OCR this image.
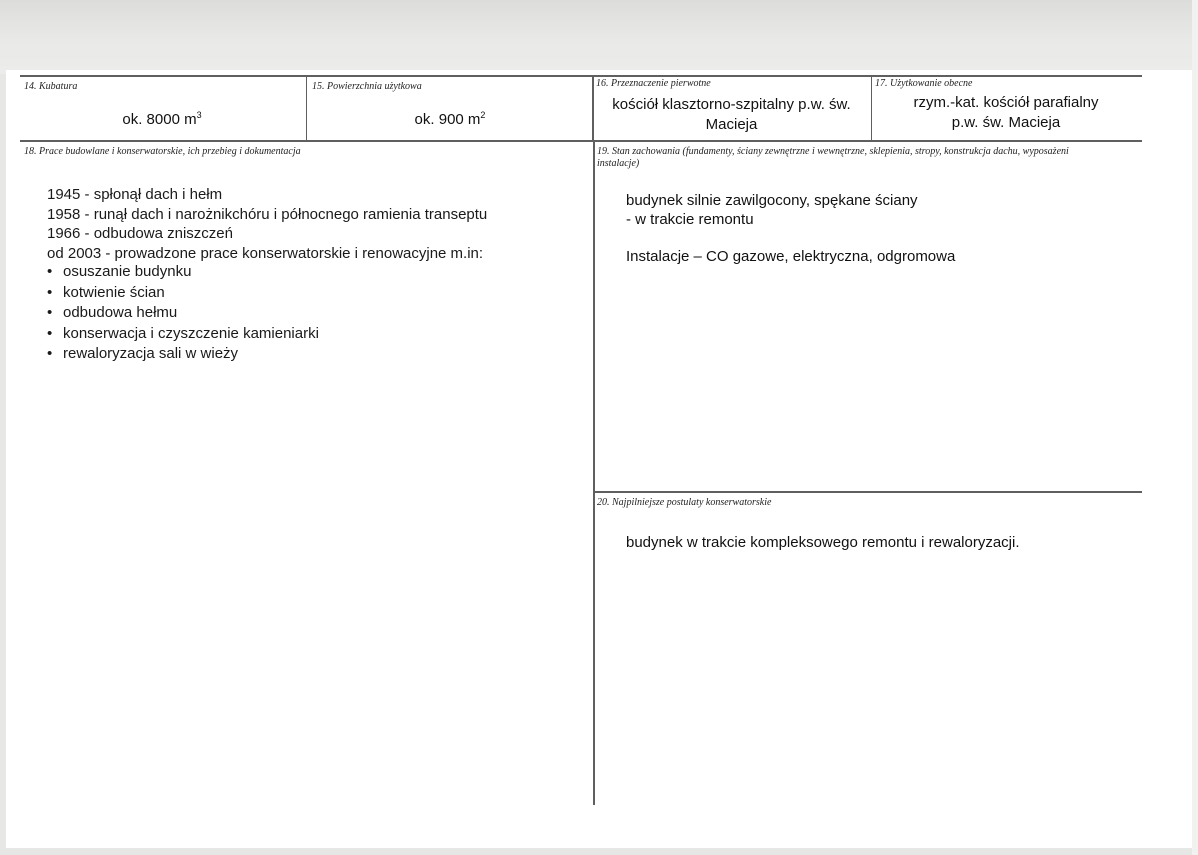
14. Kubatura
ok. 8000 $m^3$
15. Powierzchnia użytkowa
ok. 900 $m^2$
16. Przeznaczenie pierwotne
kościół klasztorno-szpitalny p.w. św.
Macieja
17. Użytkowanie obecne
rzym.-kat. kościół parafialny
p.w. św. Macieja
18. Prace budowlane i konserwatorskie, ich przebieg i dokumentacja
1945 - spłonął dach i hełm
1958 - runął dach i narożnikchóru i północnego ramienia transeptu
1966 - odbudowa zniszczeń
od 2003 - prowadzone prace konserwatorskie i renowacyjne m.in:
• osuszanie budynku
• kotwienie ścian
• odbudowa hełmu
• konserwacja i czyszczenie kamieniarki
• rewaloryzacja sali w wieży
19. Stan zachowania (fundamenty, ściany zewnętrzne i wewnętrzne, sklepienia, stropy, konstrukcja dachu, wyposażeni
instalacje)
budynek silnie zawilgocony, spękane ściany
- w trakcie remontu
Instalacje – CO gazowe, elektryczna, odgromowa
20. Najpilniejsze postulaty konserwatorskie
budynek w trakcie kompleksowego remontu i rewaloryzacji.
